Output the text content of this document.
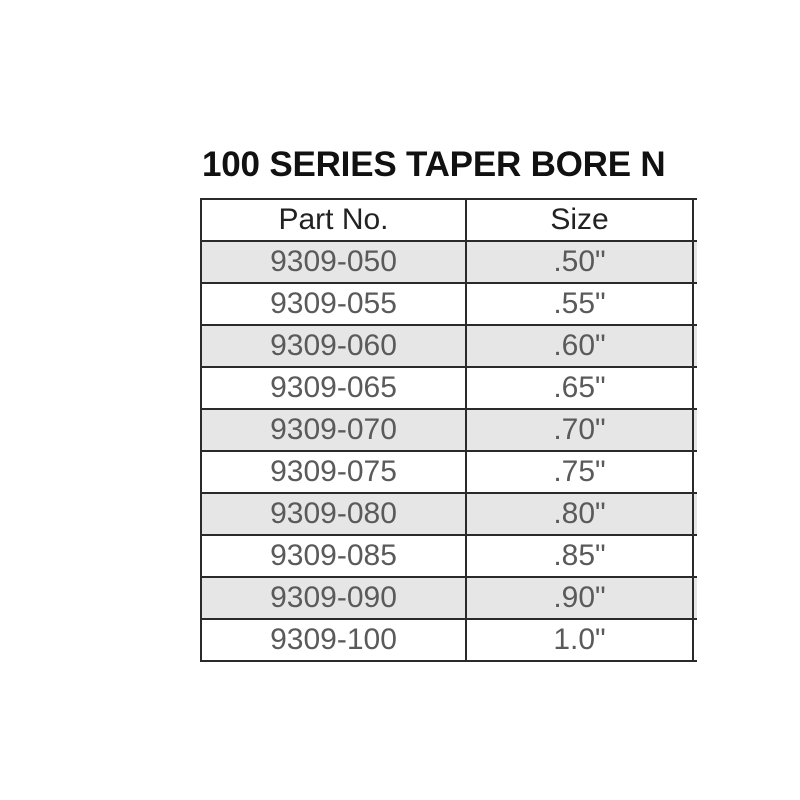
100 SERIES TAPER BORE N
Part No.	Size	
9309-050	.50"	
9309-055	.55"	
9309-060	.60"	
9309-065	.65"	
9309-070	.70"	
9309-075	.75"	
9309-080	.80"	
9309-085	.85"	
9309-090	.90"	
9309-100	1.0"	
